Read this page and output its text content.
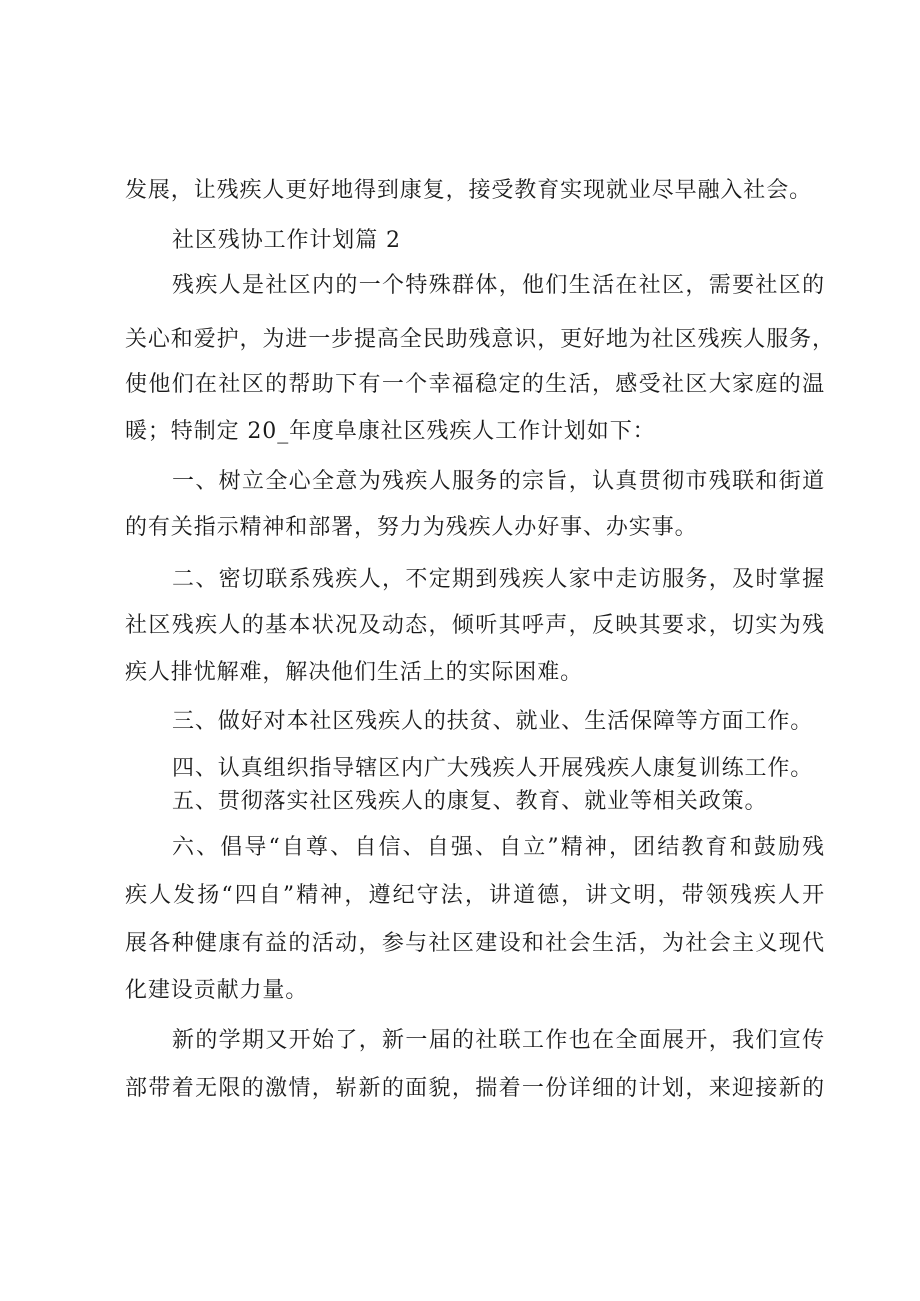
发展，让残疾人更好地得到康复，接受教育实现就业尽早融入社会。
社区残协工作计划篇 2
残疾人是社区内的一个特殊群体，他们生活在社区，需要社区的
关心和爱护，为进一步提高全民助残意识，更好地为社区残疾人服务，
使他们在社区的帮助下有一个幸福稳定的生活，感受社区大家庭的温
暖；特制定 20_年度阜康社区残疾人工作计划如下：
一、树立全心全意为残疾人服务的宗旨，认真贯彻市残联和街道
的有关指示精神和部署，努力为残疾人办好事、办实事。
二、密切联系残疾人，不定期到残疾人家中走访服务，及时掌握
社区残疾人的基本状况及动态，倾听其呼声，反映其要求，切实为残
疾人排忧解难，解决他们生活上的实际困难。
三、做好对本社区残疾人的扶贫、就业、生活保障等方面工作。
四、认真组织指导辖区内广大残疾人开展残疾人康复训练工作。
五、贯彻落实社区残疾人的康复、教育、就业等相关政策。
六、倡导“自尊、自信、自强、自立”精神，团结教育和鼓励残
疾人发扬“四自”精神，遵纪守法，讲道德，讲文明，带领残疾人开
展各种健康有益的活动，参与社区建设和社会生活，为社会主义现代
化建设贡献力量。
新的学期又开始了，新一届的社联工作也在全面展开，我们宣传
部带着无限的激情，崭新的面貌，揣着一份详细的计划，来迎接新的
